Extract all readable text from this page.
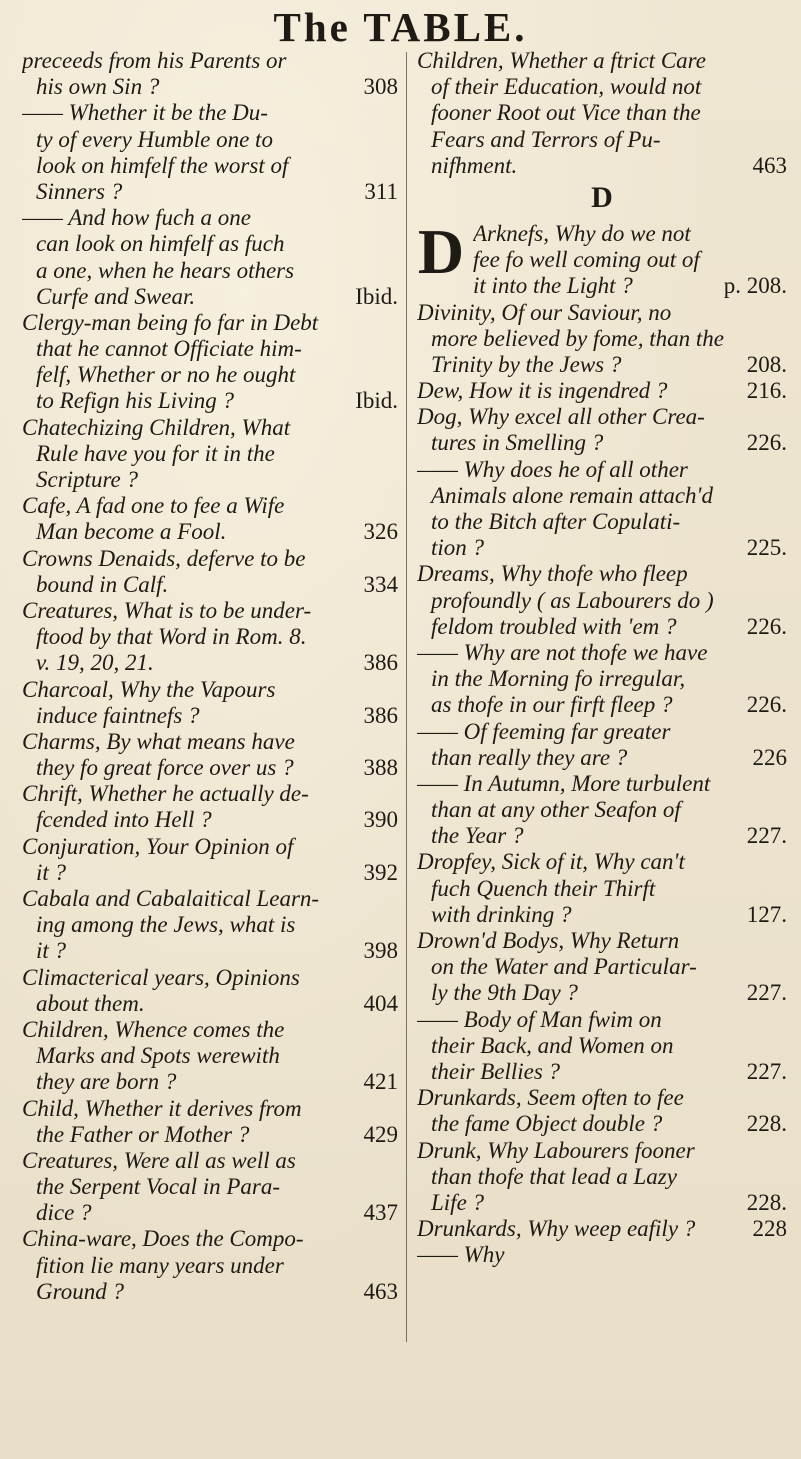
The TABLE.
preceeds from his Parents or
308
his own Sin ?
—— Whether it be the Du-
ty of every Humble one to
look on himfelf the worst of
311
Sinners ?
—— And how fuch a one
can look on himfelf as fuch
a one, when he hears others
Ibid.
Curfe and Swear.
Clergy-man being fo far in Debt
that he cannot Officiate him-
felf, Whether or no he ought
Ibid.
to Refign his Living ?
Chatechizing Children, What
Rule have you for it in the
Scripture ?
Cafe, A fad one to fee a Wife
326
Man become a Fool.
Crowns Denaids, deferve to be
334
bound in Calf.
Creatures, What is to be under-
ftood by that Word in Rom. 8.
386
v. 19, 20, 21.
Charcoal, Why the Vapours
386
induce faintnefs ?
Charms, By what means have
388
they fo great force over us ?
Chrift, Whether he actually de-
390
fcended into Hell ?
Conjuration, Your Opinion of
392
it ?
Cabala and Cabalaitical Learn-
ing among the Jews, what is
398
it ?
Climacterical years, Opinions
404
about them.
Children, Whence comes the
Marks and Spots werewith
421
they are born ?
Child, Whether it derives from
429
the Father or Mother ?
Creatures, Were all as well as
the Serpent Vocal in Para-
437
dice ?
China-ware, Does the Compo-
fition lie many years under
463
Ground ?
Children, Whether a ftrict Care
of their Education, would not
fooner Root out Vice than the
Fears and Terrors of Pu-
463
nifhment.
D
D Arknefs, Why do we not
fee fo well coming out of
p. 208.
it into the Light ?
Divinity, Of our Saviour, no
more believed by fome, than the
208.
Trinity by the Jews ?
216.
Dew, How it is ingendred ?
Dog, Why excel all other Crea-
226.
tures in Smelling ?
—— Why does he of all other
Animals alone remain attach'd
to the Bitch after Copulati-
225.
tion ?
Dreams, Why thofe who fleep
profoundly ( as Labourers do )
226.
feldom troubled with 'em ?
—— Why are not thofe we have
in the Morning fo irregular,
226.
as thofe in our firft fleep ?
—— Of feeming far greater
226
than really they are ?
—— In Autumn, More turbulent
than at any other Seafon of
227.
the Year ?
Dropfey, Sick of it, Why can't
fuch Quench their Thirft
127.
with drinking ?
Drown'd Bodys, Why Return
on the Water and Particular-
227.
ly the 9th Day ?
—— Body of Man fwim on
their Back, and Women on
227.
their Bellies ?
Drunkards, Seem often to fee
228.
the fame Object double ?
Drunk, Why Labourers fooner
than thofe that lead a Lazy
228.
Life ?
228
Drunkards, Why weep eafily ?
—— Why
